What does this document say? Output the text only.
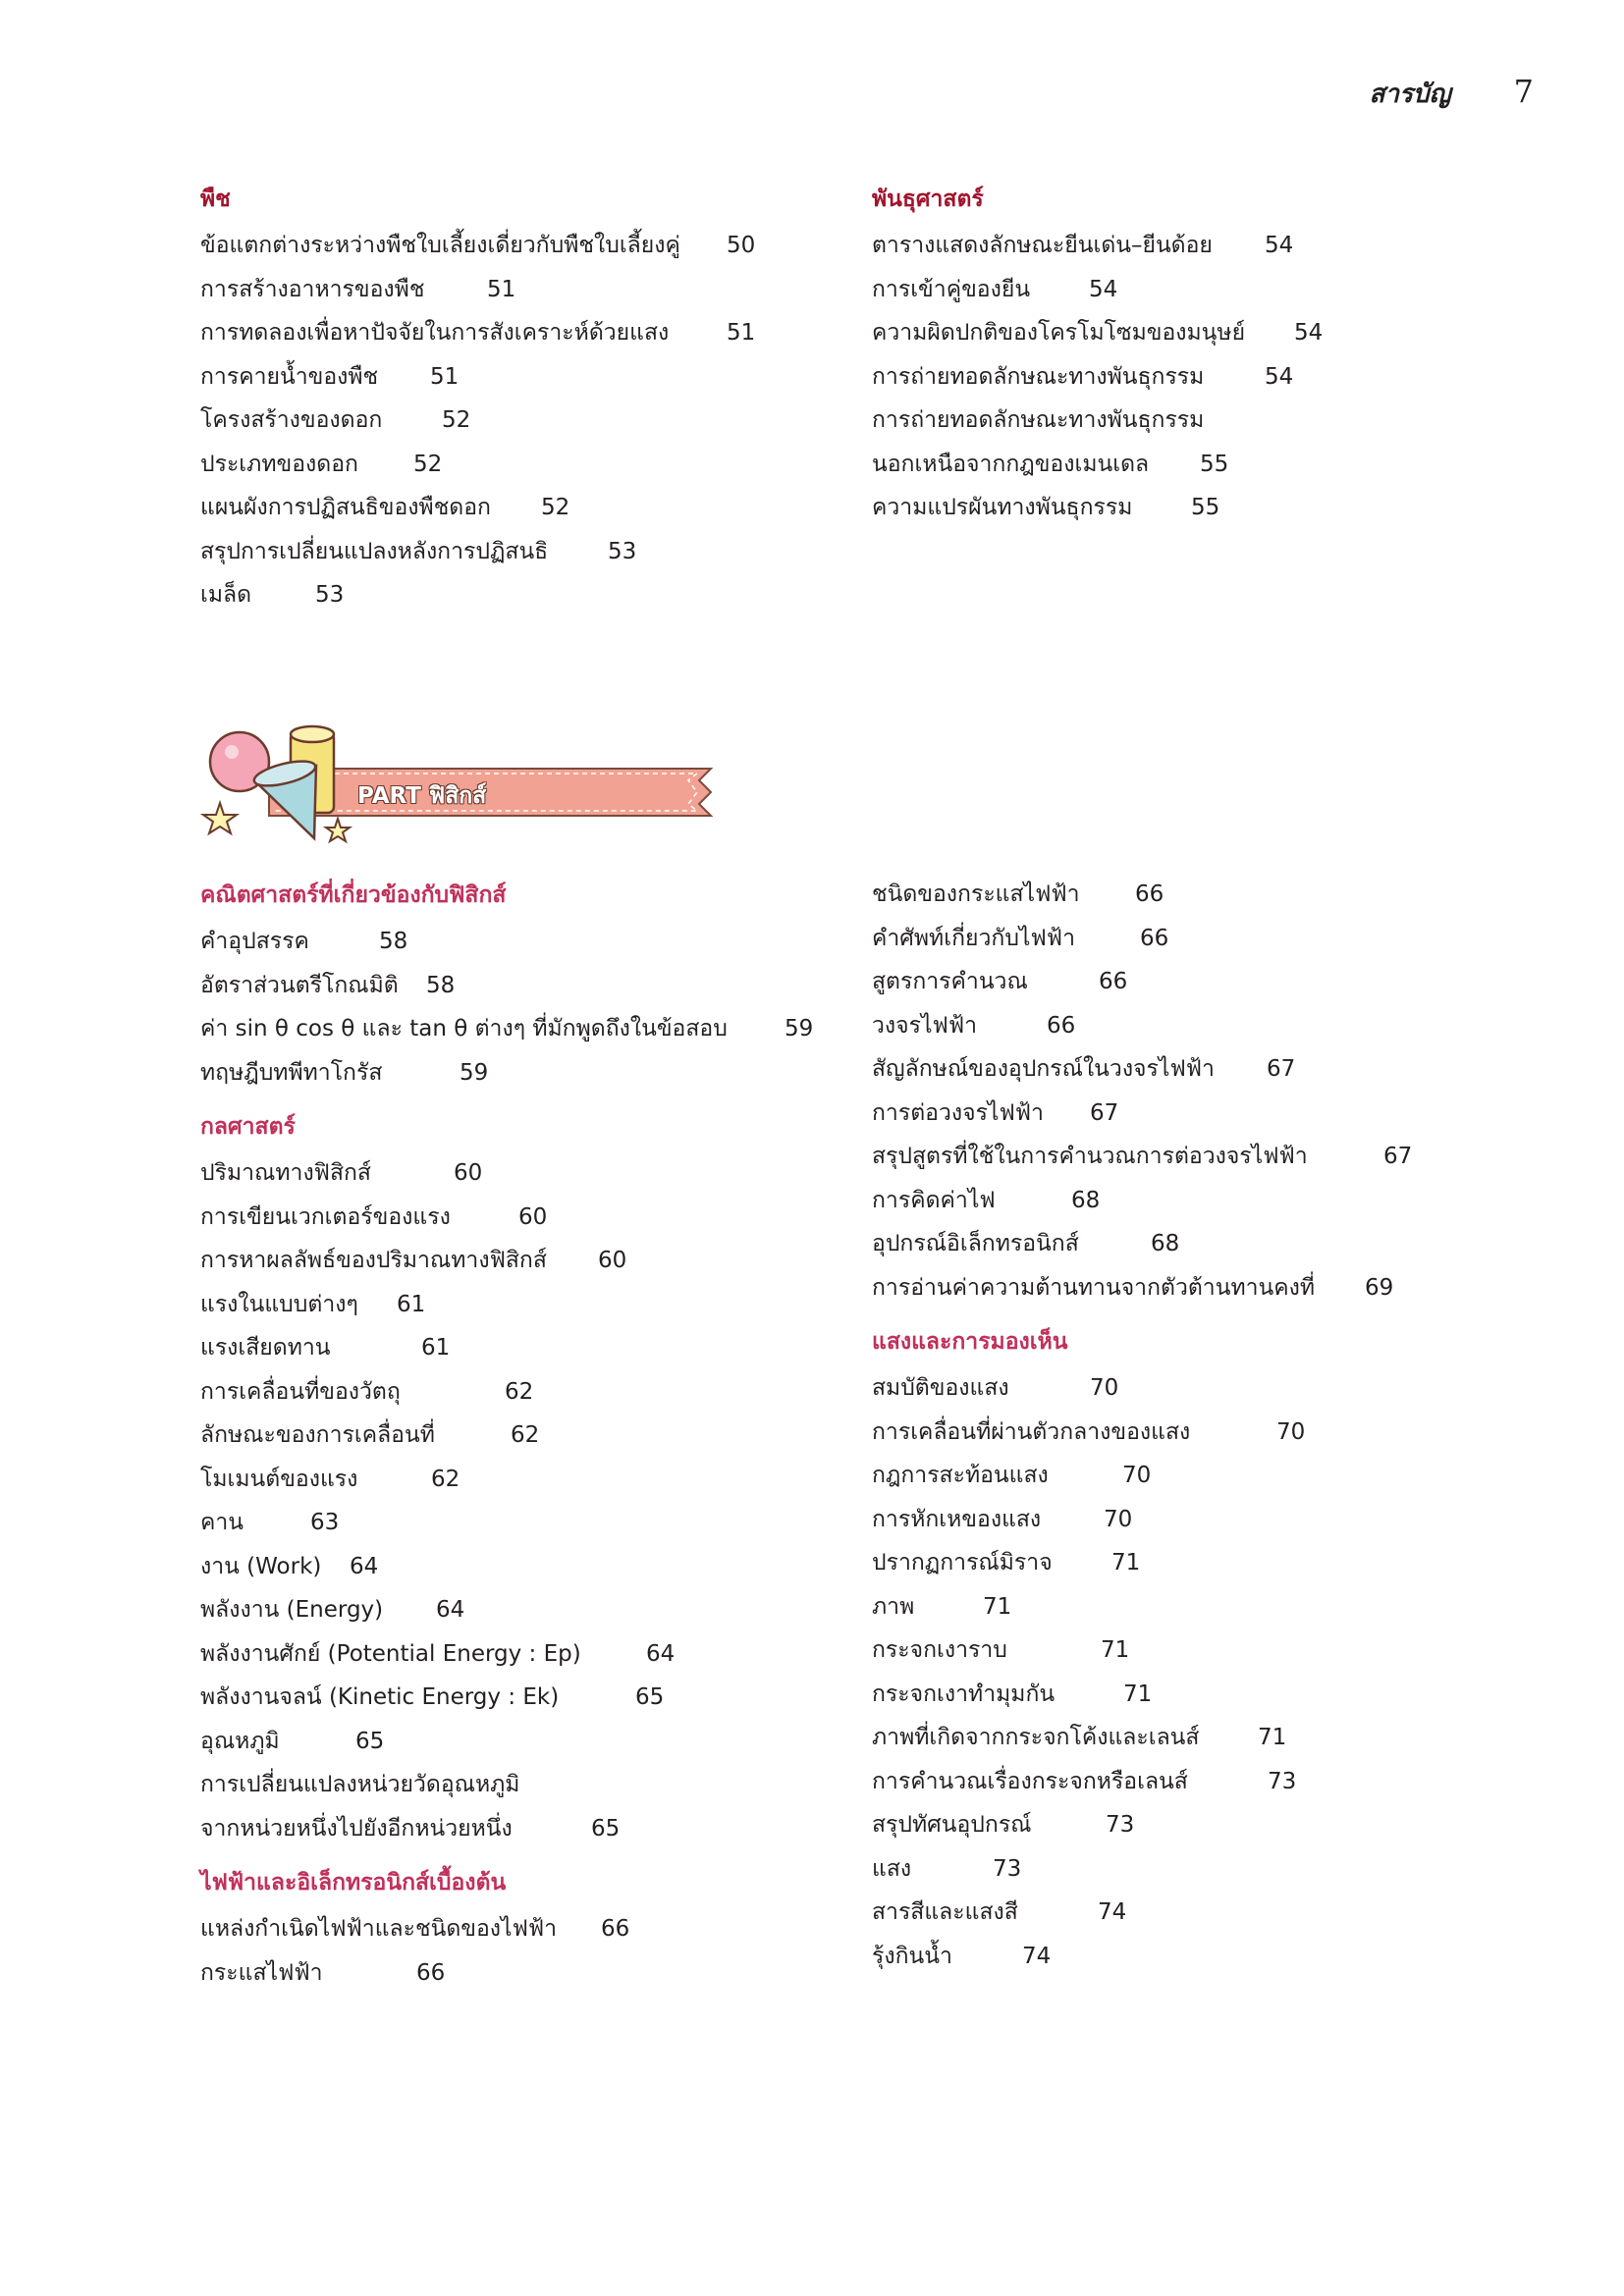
สารบัญ 7
พืช
ข้อแตกต่างระหว่างพืชใบเลี้ยงเดี่ยวกับพืชใบเลี้ยงคู่ 50
การสร้างอาหารของพืช	51
การทดลองเพื่อหาปัจจัยในการสังเคราะห์ด้วยแสง	51
การคายน้ำของพืช 51
โครงสร้างของดอก	52
ประเภทของดอก 52
แผนผังการปฏิสนธิของพืชดอก 52
สรุปการเปลี่ยนแปลงหลังการปฏิสนธิ	53
เมล็ด	53
พันธุศาสตร์
ตารางแสดงลักษณะยีนเด่น–ยีนด้อย 54
การเข้าคู่ของยีน	54
ความผิดปกติของโครโมโซมของมนุษย์ 54
การถ่ายทอดลักษณะทางพันธุกรรม	54
การถ่ายทอดลักษณะทางพันธุกรรม
นอกเหนือจากกฎของเมนเดล 55
ความแปรผันทางพันธุกรรม	55
PART ฟิสิกส์
คณิตศาสตร์ที่เกี่ยวข้องกับฟิสิกส์
คำอุปสรรค	58
อัตราส่วนตรีโกณมิติ 58
ค่า sin θ cos θ และ tan θ ต่างๆ ที่มักพูดถึงในข้อสอบ	59
ทฤษฎีบทพีทาโกรัส	59
กลศาสตร์
ปริมาณทางฟิสิกส์	60
การเขียนเวกเตอร์ของแรง	60
การหาผลลัพธ์ของปริมาณทางฟิสิกส์ 60
แรงในแบบต่างๆ 61
แรงเสียดทาน	61
การเคลื่อนที่ของวัตถุ	62
ลักษณะของการเคลื่อนที่	62
โมเมนต์ของแรง	62
คาน	63
งาน (Work) 64
พลังงาน (Energy) 64
พลังงานศักย์ (Potential Energy : Ep)	64
พลังงานจลน์ (Kinetic Energy : Ek)	65
อุณหภูมิ	65
การเปลี่ยนแปลงหน่วยวัดอุณหภูมิ
จากหน่วยหนึ่งไปยังอีกหน่วยหนึ่ง	65
ไฟฟ้าและอิเล็กทรอนิกส์เบื้องต้น
แหล่งกำเนิดไฟฟ้าและชนิดของไฟฟ้า 66
กระแสไฟฟ้า	66
ชนิดของกระแสไฟฟ้า 66
คำศัพท์เกี่ยวกับไฟฟ้า	66
สูตรการคำนวณ	66
วงจรไฟฟ้า	66
สัญลักษณ์ของอุปกรณ์ในวงจรไฟฟ้า 67
การต่อวงจรไฟฟ้า 67
สรุปสูตรที่ใช้ในการคำนวณการต่อวงจรไฟฟ้า	67
การคิดค่าไฟ	68
อุปกรณ์อิเล็กทรอนิกส์	68
การอ่านค่าความต้านทานจากตัวต้านทานคงที่ 69
แสงและการมองเห็น
สมบัติของแสง	70
การเคลื่อนที่ผ่านตัวกลางของแสง	70
กฎการสะท้อนแสง	70
การหักเหของแสง	70
ปรากฏการณ์มิราจ	71
ภาพ	71
กระจกเงาราบ	71
กระจกเงาทำมุมกัน	71
ภาพที่เกิดจากกระจกโค้งและเลนส์	71
การคำนวณเรื่องกระจกหรือเลนส์	73
สรุปทัศนอุปกรณ์	73
แสง	73
สารสีและแสงสี	74
รุ้งกินน้ำ	74
